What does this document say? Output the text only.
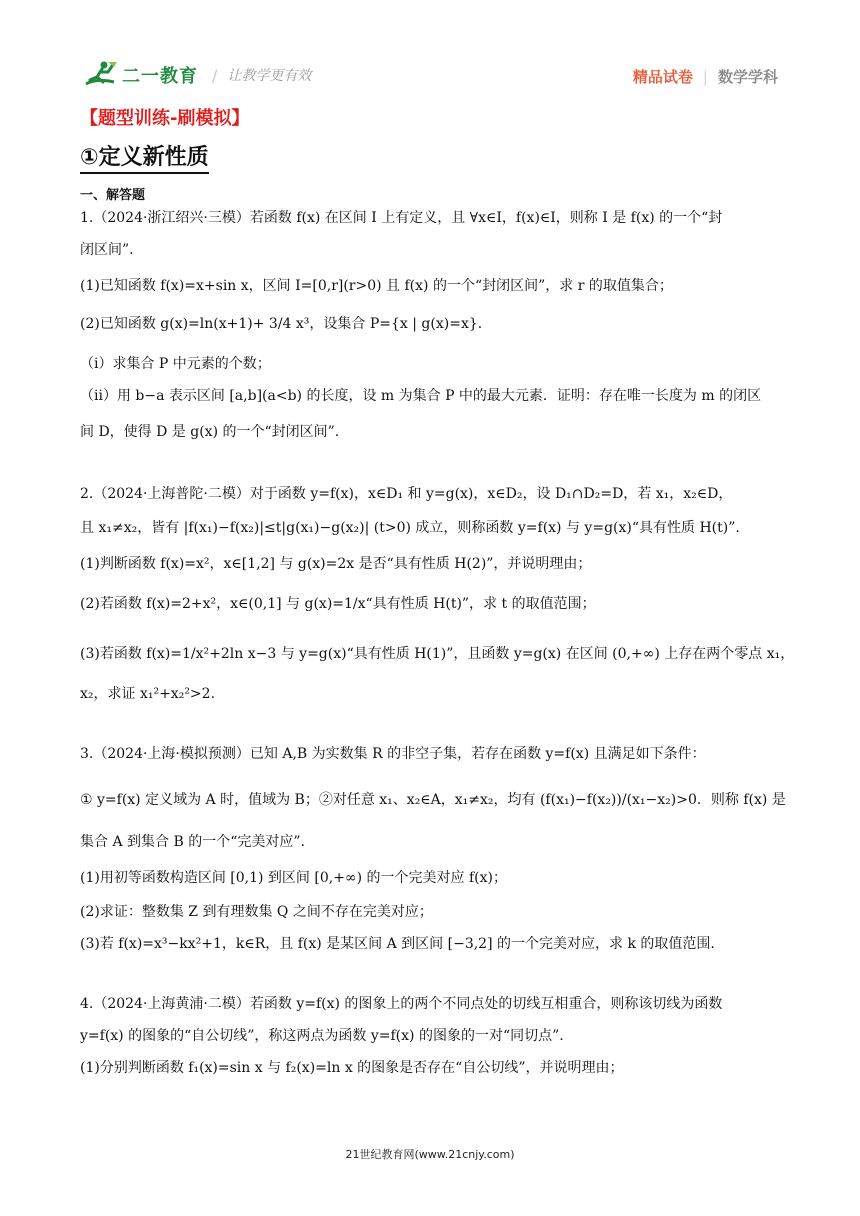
二一教育 / 让教学更有效	精品试卷 | 数学学科
【题型训练-刷模拟】
①定义新性质
一、解答题
1.（2024·浙江绍兴·三模）若函数 f(x) 在区间 I 上有定义，且 ∀x∈I，f(x)∈I，则称 I 是 f(x) 的一个“封
闭区间”.
(1)已知函数 f(x)=x+sin x，区间 I=[0,r](r>0) 且 f(x) 的一个“封闭区间”，求 r 的取值集合；
(2)已知函数 g(x)=ln(x+1)+ 3/4 x³，设集合 P={x | g(x)=x}.
（i）求集合 P 中元素的个数；
（ii）用 b−a 表示区间 [a,b](a<b) 的长度，设 m 为集合 P 中的最大元素．证明：存在唯一长度为 m 的闭区
间 D，使得 D 是 g(x) 的一个“封闭区间”.
2.（2024·上海普陀·二模）对于函数 y=f(x)，x∈D₁ 和 y=g(x)，x∈D₂，设 D₁∩D₂=D，若 x₁，x₂∈D，
且 x₁≠x₂，皆有 |f(x₁)−f(x₂)|≤t|g(x₁)−g(x₂)| (t>0) 成立，则称函数 y=f(x) 与 y=g(x)“具有性质 H(t)”.
(1)判断函数 f(x)=x²，x∈[1,2] 与 g(x)=2x 是否“具有性质 H(2)”，并说明理由；
(2)若函数 f(x)=2+x²，x∈(0,1] 与 g(x)=1/x“具有性质 H(t)”，求 t 的取值范围；
(3)若函数 f(x)=1/x²+2ln x−3 与 y=g(x)“具有性质 H(1)”，且函数 y=g(x) 在区间 (0,+∞) 上存在两个零点 x₁，
x₂，求证 x₁²+x₂²>2.
3.（2024·上海·模拟预测）已知 A,B 为实数集 R 的非空子集，若存在函数 y=f(x) 且满足如下条件：
① y=f(x) 定义域为 A 时，值域为 B；②对任意 x₁、x₂∈A，x₁≠x₂，均有 (f(x₁)−f(x₂))/(x₁−x₂)>0．则称 f(x) 是
集合 A 到集合 B 的一个“完美对应”.
(1)用初等函数构造区间 [0,1) 到区间 [0,+∞) 的一个完美对应 f(x)；
(2)求证：整数集 Z 到有理数集 Q 之间不存在完美对应；
(3)若 f(x)=x³−kx²+1，k∈R，且 f(x) 是某区间 A 到区间 [−3,2] 的一个完美对应，求 k 的取值范围.
4.（2024·上海黄浦·二模）若函数 y=f(x) 的图象上的两个不同点处的切线互相重合，则称该切线为函数
y=f(x) 的图象的“自公切线”，称这两点为函数 y=f(x) 的图象的一对“同切点”.
(1)分别判断函数 f₁(x)=sin x 与 f₂(x)=ln x 的图象是否存在“自公切线”，并说明理由；
21世纪教育网(www.21cnjy.com)
